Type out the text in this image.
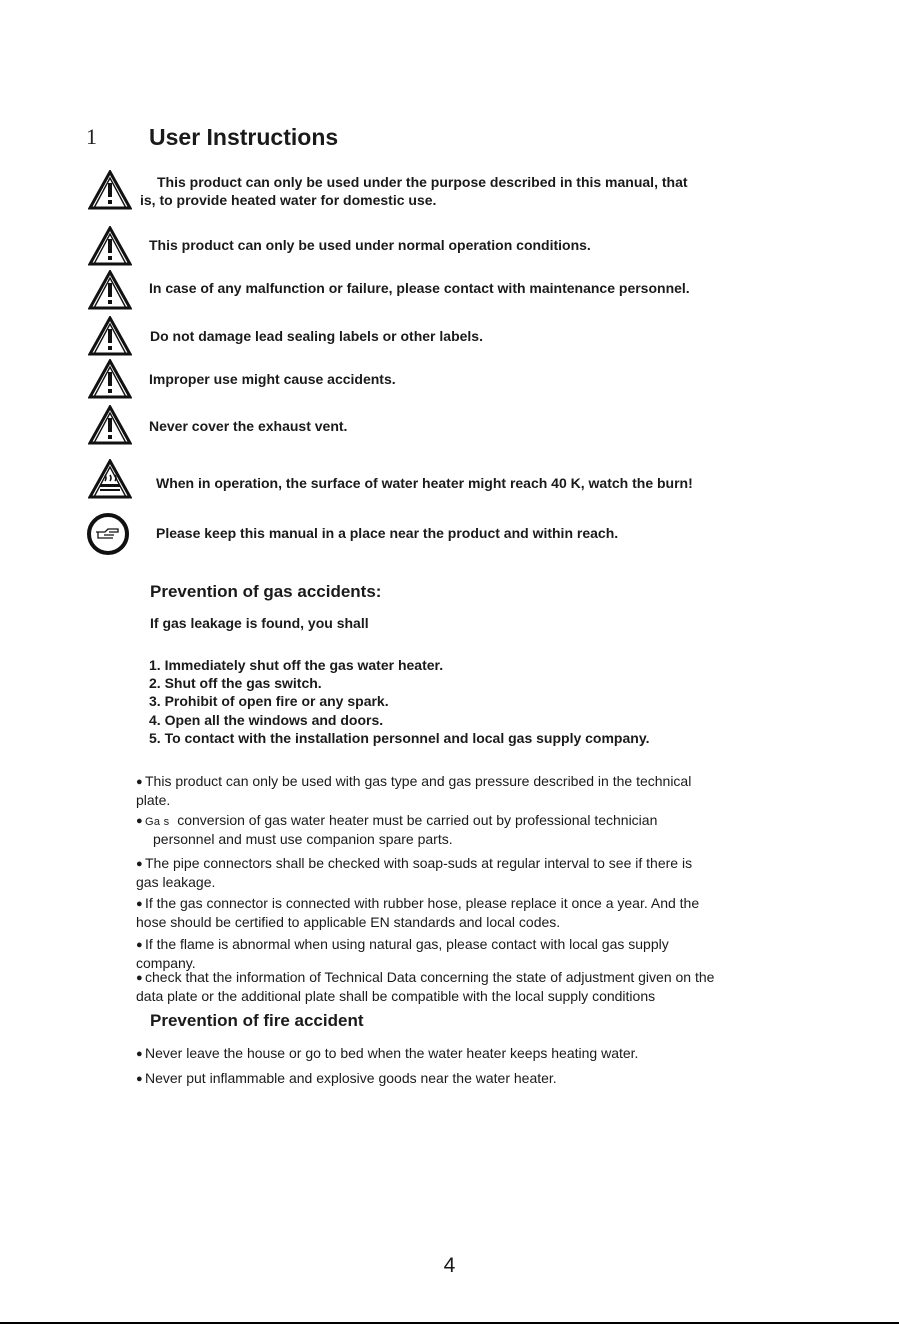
1 User Instructions
This product can only be used under the purpose described in this manual, that
is, to provide heated water for domestic use.
This product can only be used under normal operation conditions.
In case of any malfunction or failure, please contact with maintenance personnel.
Do not damage lead sealing labels or other labels.
Improper use might cause accidents.
Never cover the exhaust vent.
When in operation, the surface of water heater might reach 40 K, watch the burn!
Please keep this manual in a place near the product and within reach.
Prevention of gas accidents:
If gas leakage is found, you shall
1. Immediately shut off the gas water heater.
2. Shut off the gas switch.
3. Prohibit of open fire or any spark.
4. Open all the windows and doors.
5. To contact with the installation personnel and local gas supply company.
● This product can only be used with gas type and gas pressure described in the technical
plate.
● Ga s  conversion of gas water heater must be carried out by professional technician
personnel and must use companion spare parts.
● The pipe connectors shall be checked with soap-suds at regular interval to see if there is
gas leakage.
● If the gas connector is connected with rubber hose, please replace it once a year. And the
hose should be certified to applicable EN standards and local codes.
● If the flame is abnormal when using natural gas, please contact with local gas supply
company.
● check that the information of Technical Data concerning the state of adjustment given on the
data plate or the additional plate shall be compatible with the local supply conditions
Prevention of fire accident
● Never leave the house or go to bed when the water heater keeps heating water.
● Never put inflammable and explosive goods near the water heater.
4
